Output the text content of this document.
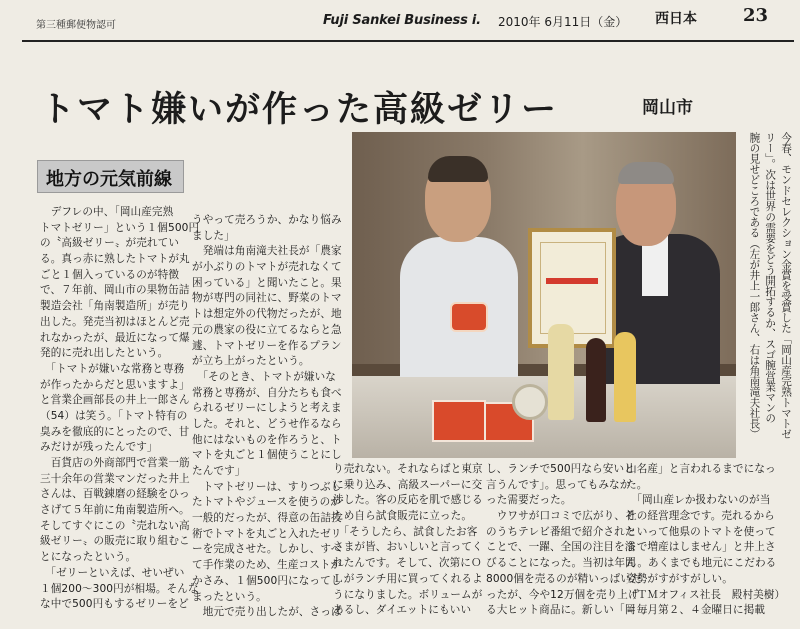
第三種郵便物認可	Fuji Sankei Business i. 2010年 6月11日（金） 西日本	23
トマト嫌いが作った高級ゼリー	岡山市
地方の元気前線
　デフレの中、「岡山産完熟
トマトゼリー」という１個500円
の〝高級ゼリー〟が売れてい
る。真っ赤に熟したトマトが丸
ごと１個入っているのが特徴
で、７年前、岡山市の果物缶詰
製造会社「角南製造所」が売り
出した。発売当初はほとんど売
れなかったが、最近になって爆
発的に売れ出したという。
　「トマトが嫌いな常務と専務
が作ったからだと思いますよ」
と営業企画部長の井上一郎さん
（54）は笑う。「トマト特有の
臭みを徹底的にとったので、甘
みだけが残ったんです」
　百貨店の外商部門で営業一筋
三十余年の営業マンだった井上
さんは、百戦錬磨の経験をひっ
さげて５年前に角南製造所へ。
そしてすぐにこの〝売れない高
級ゼリー〟の販売に取り組むこ
とになったという。
　「ゼリーといえば、せいぜい
１個200〜300円が相場。そんな
な中で500円もするゼリーをど
うやって売ろうか、かなり悩み
ました」
　発端は角南滝夫社長が「農家
が小ぶりのトマトが売れなくて
困っている」と聞いたこと。果
物が専門の同社に、野菜のトマ
トは想定外の代物だったが、地
元の農家の役に立てるならと急
遽、トマトゼリーを作るプラン
が立ち上がったという。
　「そのとき、トマトが嫌いな
常務と専務が、自分たちも食べ
られるゼリーにしようと考えま
した。それと、どうせ作るなら
他にはないものを作ろうと、ト
マトを丸ごと１個使うことにし
たんです」
　トマトゼリーは、すりつぶし
たトマトやジュースを使うのが
一般的だったが、得意の缶詰技
術でトマトを丸ごと入れたゼリ
ーを完成させた。しかし、すべ
て手作業のため、生産コストが
かさみ、１個500円になってし
まったという。
　地元で売り出したが、さっぱ
り売れない。それならばと東京
に乗り込み、高級スーパーに交
渉した。客の反応を肌で感じる
ため自ら試食販売に立った。
　「そうしたら、試食したお客
さまが皆、おいしいと言ってく
れたんです。そして、次第にＯ
Ｌがランチ用に買ってくれるよ
うになりました。ボリュームが
あるし、ダイエットにもいい
し、ランチで500円なら安いと
言うんです」。思ってもみなか
った需要だった。
　ウワサが口コミで広がり、そ
のうちテレビ番組で紹介された
ことで、一躍、全国の注目を浴
びることになった。当初は年間
8000個を売るのが精いっぱいだ
ったが、今や12万個を売り上げ
る大ヒット商品に。新しい「岡
山名産」と言われるまでになっ
た。
　「岡山産レか扱わないのが当
社の経営理念です。売れるから
といって他県のトマトを使って
まで増産はしません」と井上さ
ん。あくまでも地元にこだわる
姿勢がすがすがしい。
（ＴＭオフィス社長　殿村美樹）
＝毎月第２、４金曜日に掲載
今春、モンドセレクション金賞を受賞した「岡山産完熟トマトゼ
リー」。次は世界の需要をどう開拓するか、スゴ腕営業マンの
腕の見せどころである（左が井上一郎さん、右は角南滝夫社長）
